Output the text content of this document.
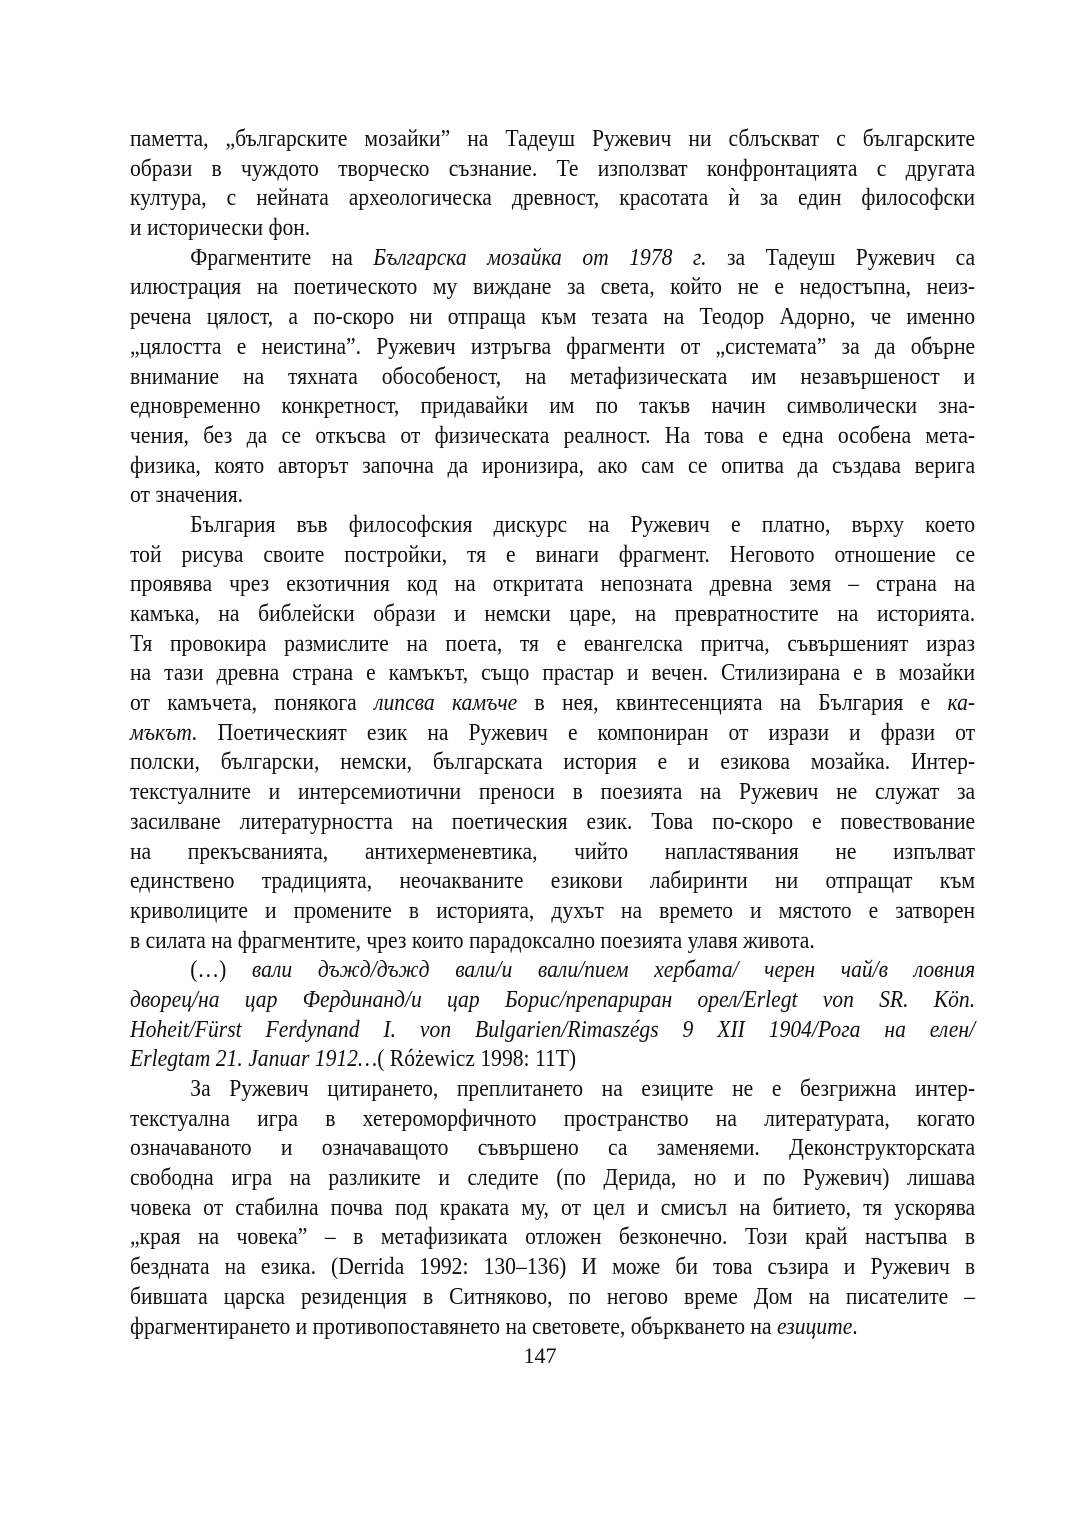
паметта, „българските мозайки” на Тадеуш Ружевич ни сблъскват с българските
образи в чуждото творческо съзнание. Те използват конфронтацията с другата
култура, с нейната археологическа древност, красотата ѝ за един философски
и исторически фон.
Фрагментите на Българска мозайка от 1978 г. за Тадеуш Ружевич са
илюстрация на поетическото му виждане за света, който не е недостъпна, неиз-
речена цялост, а по-скоро ни отпраща към тезата на Теодор Адорно, че именно
„цялостта е неистина”. Ружевич изтръгва фрагменти от „системата” за да обърне
внимание на тяхната обособеност, на метафизическата им незавършеност и
едновременно конкретност, придавайки им по такъв начин символически зна-
чения, без да се откъсва от физическата реалност. На това е една особена мета-
физика, която авторът започна да иронизира, ако сам се опитва да създава верига
от значения.
България във философския дискурс на Ружевич е платно, върху което
той рисува своите постройки, тя е винаги фрагмент. Неговото отношение се
проявява чрез екзотичния код на откритата непозната древна земя – страна на
камъка, на библейски образи и немски царе, на превратностите на историята.
Тя провокира размислите на поета, тя е евангелска притча, съвършеният израз
на тази древна страна е камъкът, също прастар и вечен. Стилизирана е в мозайки
от камъчета, понякога липсва камъче в нея, квинтесенцията на България е ка-
мъкът. Поетическият език на Ружевич е компониран от изрази и фрази от
полски, български, немски, българската история е и езикова мозайка. Интер-
текстуалните и интерсемиотични преноси в поезията на Ружевич не служат за
засилване литературността на поетическия език. Това по-скоро е повествование
на прекъсванията, антихерменевтика, чийто напластявания не изпълват
единствено традицията, неочакваните езикови лабиринти ни отпращат към
криволиците и промените в историята, духът на времето и мястото е затворен
в силата на фрагментите, чрез които парадоксално поезията улавя живота.
(…) вали дъжд/дъжд вали/и вали/пием хербата/ черен чай/в ловния
дворец/на цар Фердинанд/и цар Борис/препариран орел/Erlegt von SR. Kön.
Hoheit/Fürst Ferdynand I. von Bulgarien/Rimaszégs 9 XII 1904/Рога на елен/
Erlegtam 21. Januar 1912…( Różewicz 1998: 11T)
За Ружевич цитирането, преплитането на езиците не е безгрижна интер-
текстуална игра в хетероморфичното пространство на литературата, когато
означаваното и означаващото съвършено са заменяеми. Деконструкторската
свободна игра на разликите и следите (по Дерида, но и по Ружевич) лишава
човека от стабилна почва под краката му, от цел и смисъл на битието, тя ускорява
„края на човека” – в метафизиката отложен безконечно. Този край настъпва в
бездната на езика. (Derrida 1992: 130–136) И може би това съзира и Ружевич в
бившата царска резиденция в Ситняково, по негово време Дом на писателите –
фрагментирането и противопоставянето на световете, объркването на езиците.
147
